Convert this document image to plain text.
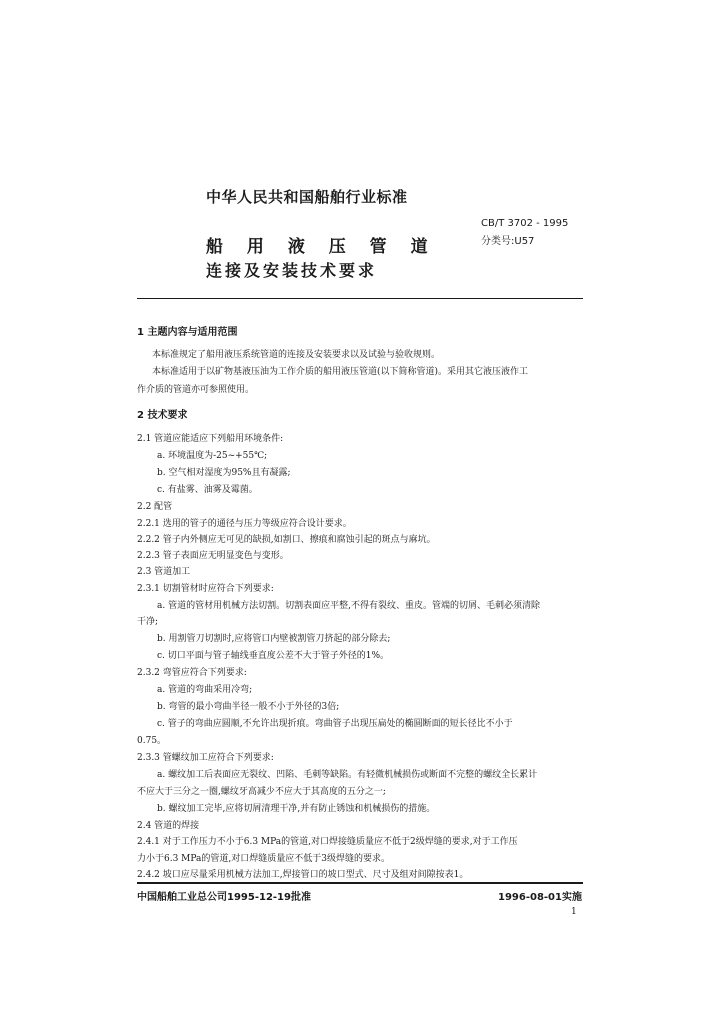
中华人民共和国船舶行业标准
CB/T 3702 - 1995
分类号:U57
船 用 液 压 管 道
连接及安装技术要求
1 主题内容与适用范围
本标准规定了船用液压系统管道的连接及安装要求以及试验与验收规则。
本标准适用于以矿物基液压油为工作介质的船用液压管道(以下简称管道)。采用其它液压液作工
作介质的管道亦可参照使用。
2 技术要求
2.1 管道应能适应下列船用环境条件:
a. 环境温度为-25~+55℃;
b. 空气相对湿度为95%且有凝露;
c. 有盐雾、油雾及霉菌。
2.2 配管
2.2.1 选用的管子的通径与压力等级应符合设计要求。
2.2.2 管子内外侧应无可见的缺损,如割口、擦痕和腐蚀引起的斑点与麻坑。
2.2.3 管子表面应无明显变色与变形。
2.3 管道加工
2.3.1 切割管材时应符合下列要求:
a. 管道的管材用机械方法切割。切割表面应平整,不得有裂纹、重皮。管端的切屑、毛刺必须清除
干净;
b. 用割管刀切割时,应将管口内壁被割管刀挤起的部分除去;
c. 切口平面与管子轴线垂直度公差不大于管子外径的1%。
2.3.2 弯管应符合下列要求:
a. 管道的弯曲采用冷弯;
b. 弯管的最小弯曲半径一般不小于外径的3倍;
c. 管子的弯曲应圆顺,不允许出现折痕。弯曲管子出现压扁处的椭圆断面的短长径比不小于
0.75。
2.3.3 管螺纹加工应符合下列要求:
a. 螺纹加工后表面应无裂纹、凹陷、毛刺等缺陷。有轻微机械损伤或断面不完整的螺纹全长累计
不应大于三分之一圈,螺纹牙高减少不应大于其高度的五分之一;
b. 螺纹加工完毕,应将切屑清理干净,并有防止锈蚀和机械损伤的措施。
2.4 管道的焊接
2.4.1 对于工作压力不小于6.3 MPa的管道,对口焊接缝质量应不低于2级焊缝的要求,对于工作压
力小于6.3 MPa的管道,对口焊缝质量应不低于3级焊缝的要求。
2.4.2 坡口应尽量采用机械方法加工,焊接管口的坡口型式、尺寸及组对间隙按表1。
中国船舶工业总公司1995-12-19批准	1996-08-01实施
1
